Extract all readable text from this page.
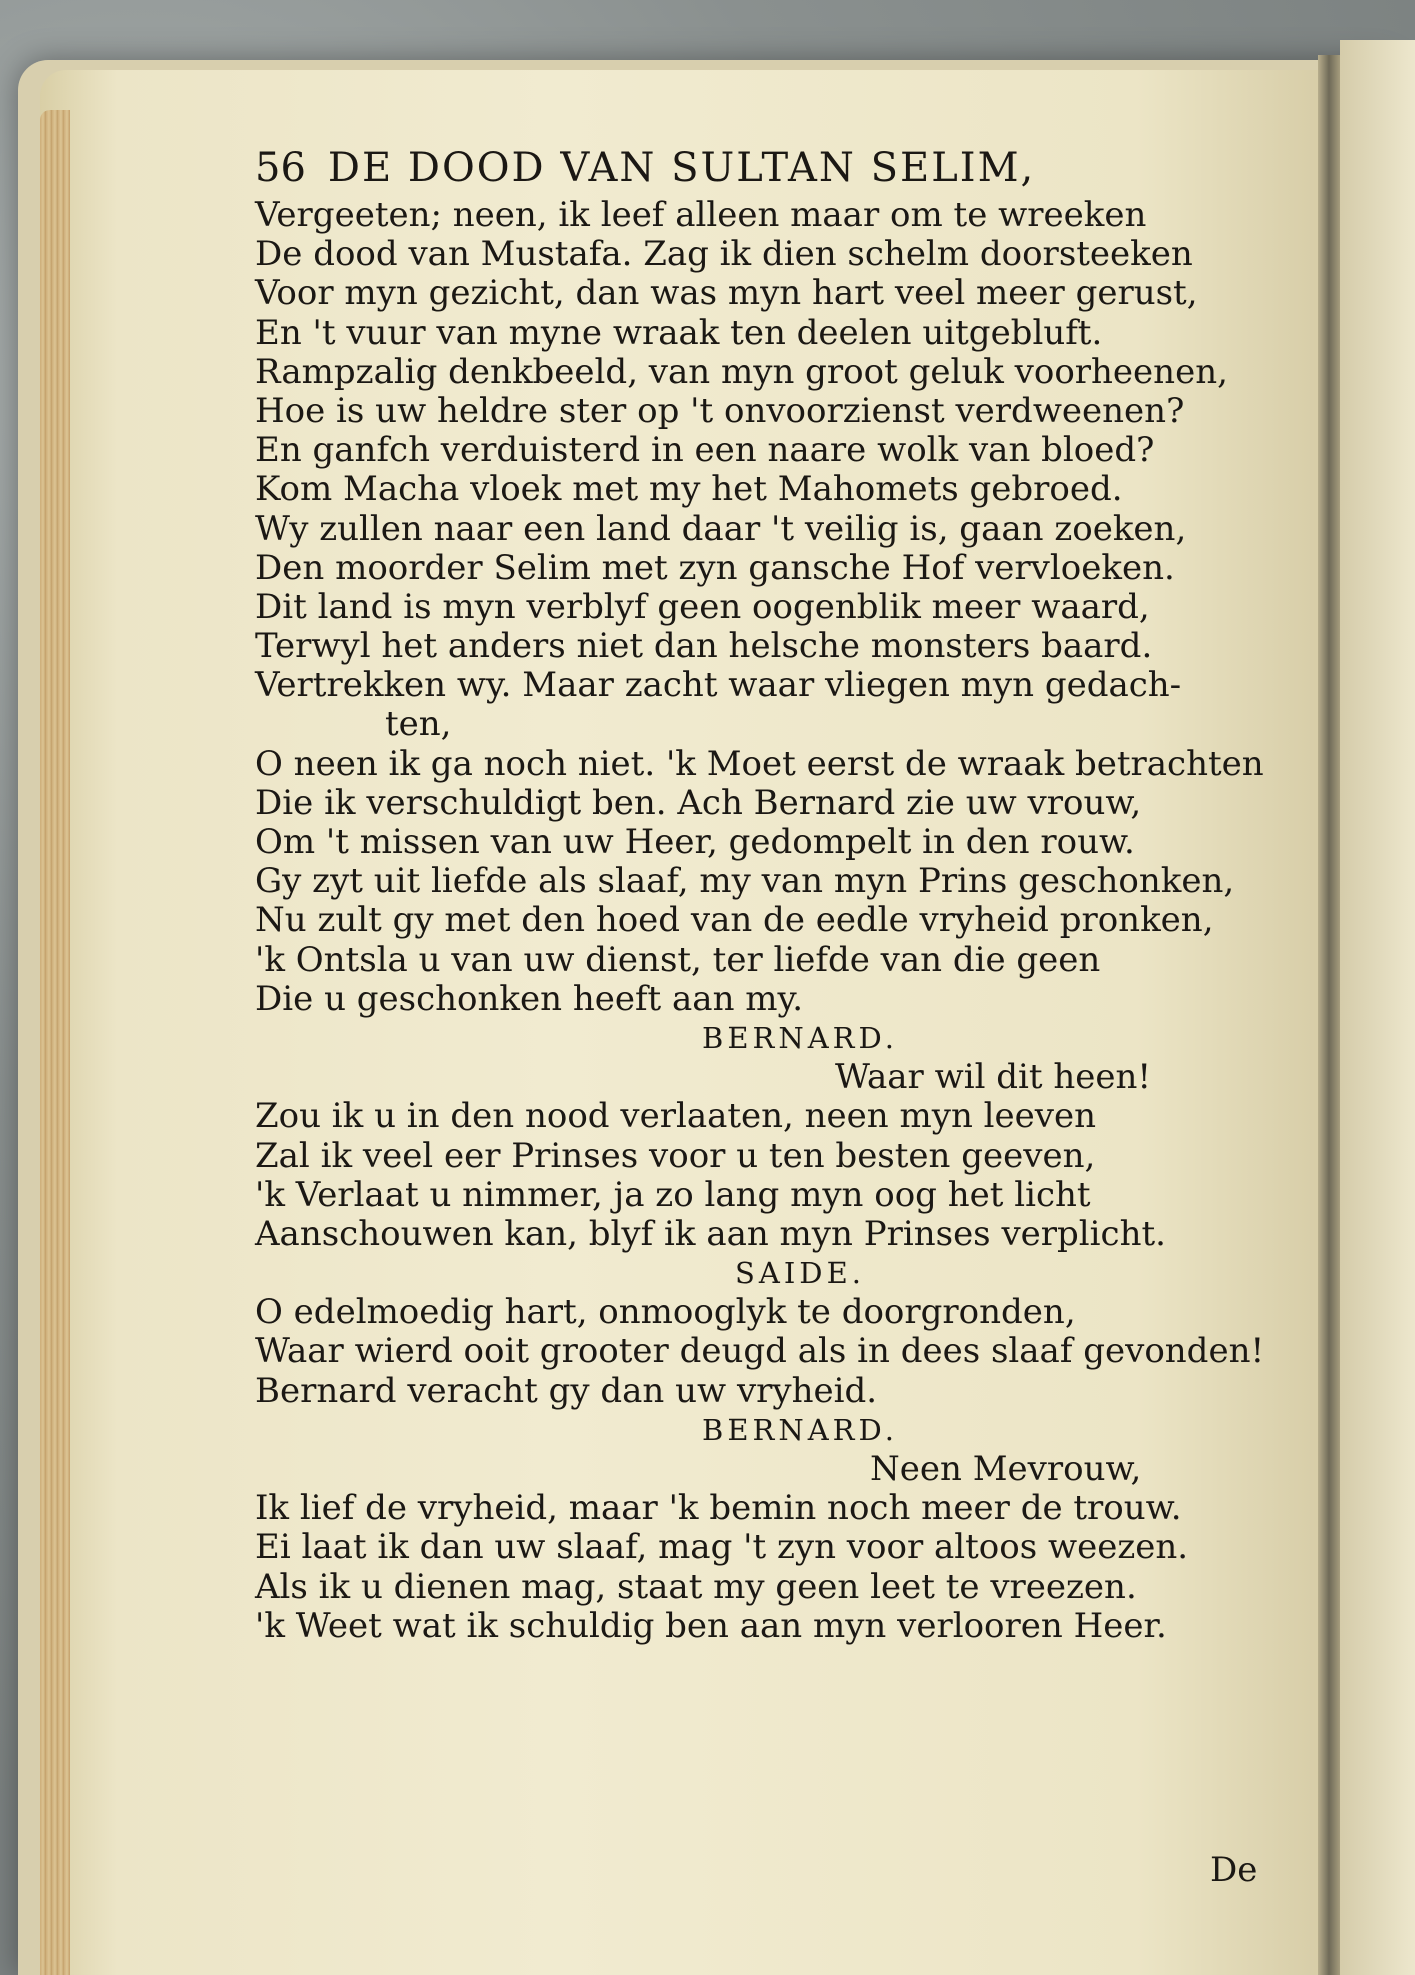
56 DE DOOD VAN SULTAN SELIM,
Vergeeten; neen, ik leef alleen maar om te wreeken
De dood van Mustafa. Zag ik dien schelm doorsteeken
Voor myn gezicht, dan was myn hart veel meer gerust,
En 't vuur van myne wraak ten deelen uitgebluft.
Rampzalig denkbeeld, van myn groot geluk voorheenen,
Hoe is uw heldre ster op 't onvoorzienst verdweenen?
En ganfch verduisterd in een naare wolk van bloed?
Kom Macha vloek met my het Mahomets gebroed.
Wy zullen naar een land daar 't veilig is, gaan zoeken,
Den moorder Selim met zyn gansche Hof vervloeken.
Dit land is myn verblyf geen oogenblik meer waard,
Terwyl het anders niet dan helsche monsters baard.
Vertrekken wy. Maar zacht waar vliegen myn gedach-
ten,
O neen ik ga noch niet. 'k Moet eerst de wraak betrachten
Die ik verschuldigt ben. Ach Bernard zie uw vrouw,
Om 't missen van uw Heer, gedompelt in den rouw.
Gy zyt uit liefde als slaaf, my van myn Prins geschonken,
Nu zult gy met den hoed van de eedle vryheid pronken,
'k Ontsla u van uw dienst, ter liefde van die geen
Die u geschonken heeft aan my.
BERNARD.
Waar wil dit heen!
Zou ik u in den nood verlaaten, neen myn leeven
Zal ik veel eer Prinses voor u ten besten geeven,
'k Verlaat u nimmer, ja zo lang myn oog het licht
Aanschouwen kan, blyf ik aan myn Prinses verplicht.
SAIDE.
O edelmoedig hart, onmooglyk te doorgronden,
Waar wierd ooit grooter deugd als in dees slaaf gevonden!
Bernard veracht gy dan uw vryheid.
BERNARD.
Neen Mevrouw,
Ik lief de vryheid, maar 'k bemin noch meer de trouw.
Ei laat ik dan uw slaaf, mag 't zyn voor altoos weezen.
Als ik u dienen mag, staat my geen leet te vreezen.
'k Weet wat ik schuldig ben aan myn verlooren Heer.
De
